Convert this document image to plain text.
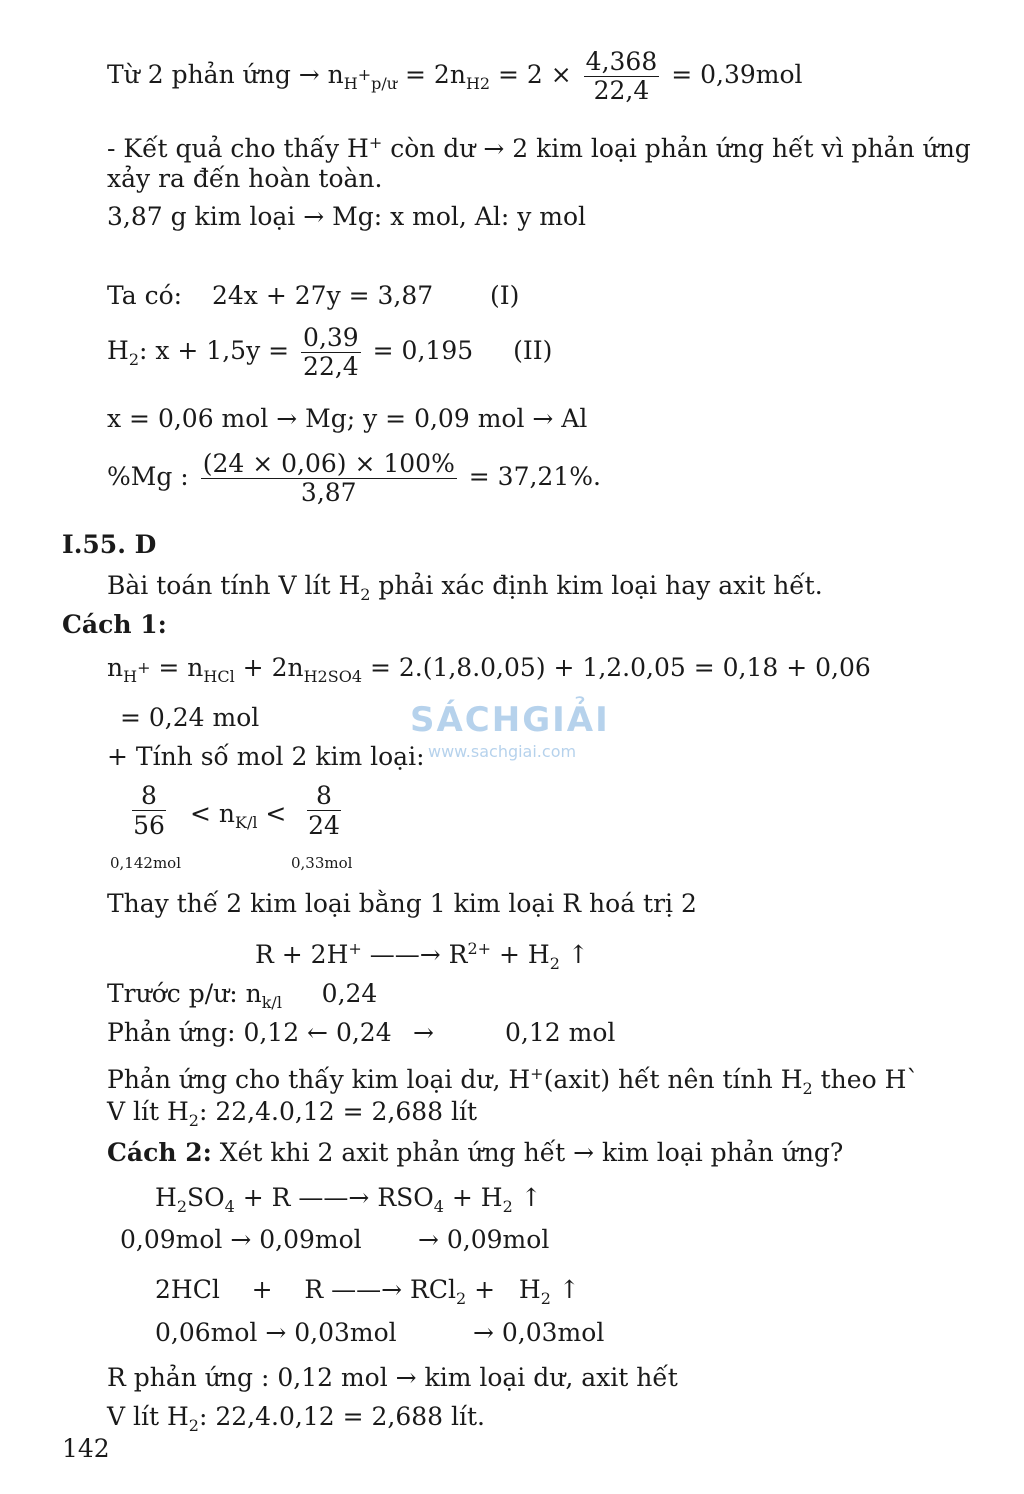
Từ 2 phản ứng → $n_{H^+p/ư} = 2n_{H2} = 2 \times \frac{4,368}{22,4} = 0,39mol$
- Kết quả cho thấy H+ còn dư → 2 kim loại phản ứng hết vì phản ứng
xảy ra đến hoàn toàn.
3,87 g kim loại → Mg: x mol, Al: y mol
Ta có: 24x + 27y = 3,87 (I)
$H_2$: $x + 1,5y = \frac{0,39}{22,4} = 0,195$ (II)
x = 0,06 mol → Mg; y = 0,09 mol → Al
%Mg : $\frac{(24 \times 0,06) \times 100\%}{3,87} = 37,21\%$.
I.55. D
Bài toán tính V lít $H_2$ phải xác định kim loại hay axit hết.
Cách 1:
$n_{H^+} = n_{HCl} + 2n_{H2SO4} = 2.(1,8.0,05) + 1,2.0,05 = 0,18 + 0,06$
= 0,24 mol
+ Tính số mol 2 kim loại:
SÁCHGIẢI
www.sachgiai.com
8
56
0,142mol
< $n_{K/l}$ <
8
24
0,33mol
Thay thế 2 kim loại bằng 1 kim loại R hoá trị 2
R + 2H+ ——→ $R^{2+} + H_2$ ↑
Trước p/ư: $n_{k/l}$     0,24
Phản ứng: 0,12 ← 0,24 →	0,12 mol
Phản ứng cho thấy kim loại dư, H+(axit) hết nên tính $H_2$ theo H`
V lít $H_2$: 22,4.0,12 = 2,688 lít
Cách 2: Xét khi 2 axit phản ứng hết → kim loại phản ứng?
$H_2SO_4 + R$ ——→ $RSO_4 + H_2$ ↑
0,09mol → 0,09mol → 0,09mol
2HCl    +    R ——→ $RCl_2 + H_2$ ↑
0,06mol → 0,03mol	→ 0,03mol
R phản ứng : 0,12 mol → kim loại dư, axit hết
V lít $H_2$: 22,4.0,12 = 2,688 lít.
142
